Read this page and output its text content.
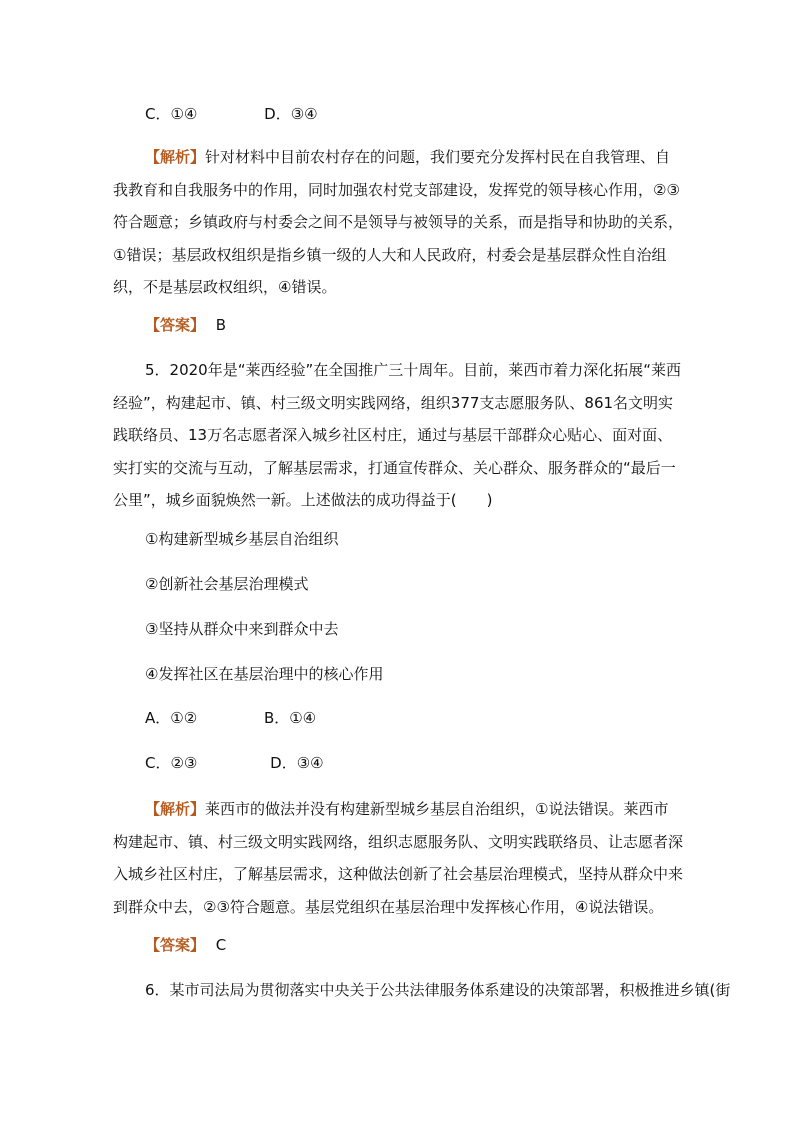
C．①④	D．③④
【解析】针对材料中目前农村存在的问题，我们要充分发挥村民在自我管理、自我教育和自我服务中的作用，同时加强农村党支部建设，发挥党的领导核心作用，②③符合题意；乡镇政府与村委会之间不是领导与被领导的关系，而是指导和协助的关系，①错误；基层政权组织是指乡镇一级的人大和人民政府，村委会是基层群众性自治组织，不是基层政权组织，④错误。
【答案】 B
5．2020年是“莱西经验”在全国推广三十周年。目前，莱西市着力深化拓展“莱西经验”，构建起市、镇、村三级文明实践网络，组织377支志愿服务队、861名文明实践联络员、13万名志愿者深入城乡社区村庄，通过与基层干部群众心贴心、面对面、实打实的交流与互动，了解基层需求，打通宣传群众、关心群众、服务群众的“最后一公里”，城乡面貌焕然一新。上述做法的成功得益于(　　)
①构建新型城乡基层自治组织
②创新社会基层治理模式
③坚持从群众中来到群众中去
④发挥社区在基层治理中的核心作用
A．①②	B．①④
C．②③	D．③④
【解析】莱西市的做法并没有构建新型城乡基层自治组织，①说法错误。莱西市构建起市、镇、村三级文明实践网络，组织志愿服务队、文明实践联络员、让志愿者深入城乡社区村庄，了解基层需求，这种做法创新了社会基层治理模式，坚持从群众中来到群众中去，②③符合题意。基层党组织在基层治理中发挥核心作用，④说法错误。
【答案】 C
6．某市司法局为贯彻落实中央关于公共法律服务体系建设的决策部署，积极推进乡镇(街
